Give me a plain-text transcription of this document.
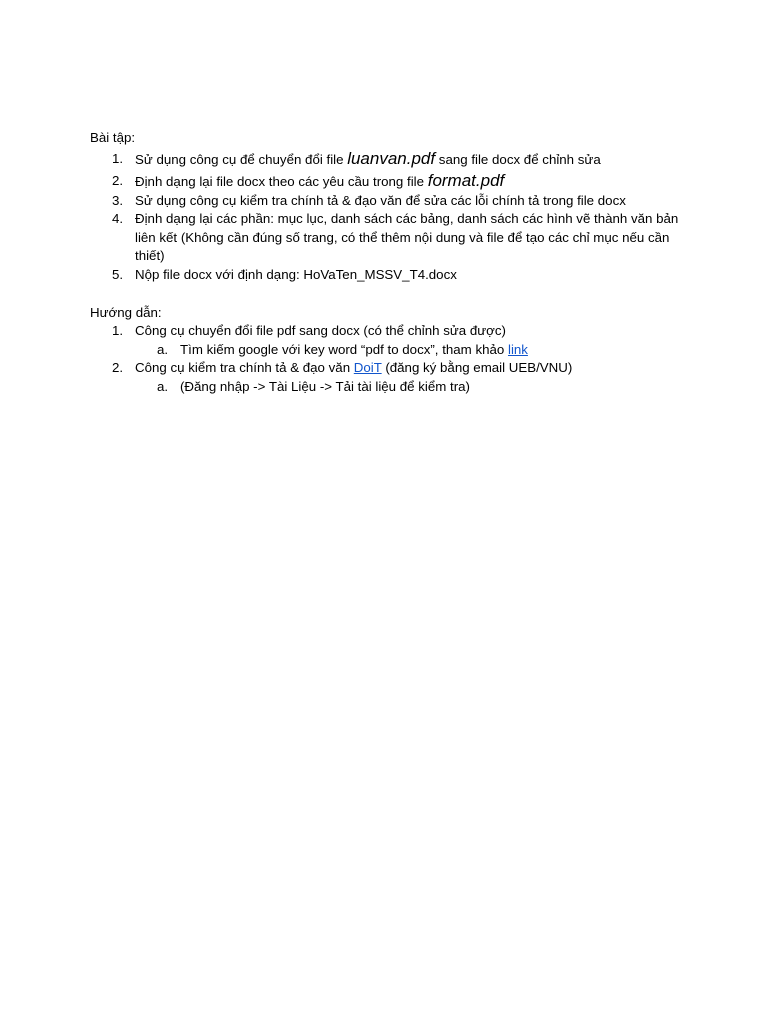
Bài tập:

1. Sử dụng công cụ để chuyển đổi file luanvan.pdf sang file docx để chỉnh sửa
2. Định dạng lại file docx theo các yêu cầu trong file format.pdf
3. Sử dụng công cụ kiểm tra chính tả & đạo văn để sửa các lỗi chính tả trong file docx
4. Định dạng lại các phần: mục lục, danh sách các bảng, danh sách các hình vẽ thành văn bản liên kết (Không cần đúng số trang, có thể thêm nội dung và file để tạo các chỉ mục nếu cần thiết)
5. Nộp file docx với định dạng: HoVaTen_MSSV_T4.docx

Hướng dẫn:

1. Công cụ chuyển đổi file pdf sang docx (có thể chỉnh sửa được)
a. Tìm kiếm google với key word “pdf to docx”, tham khảo link
2. Công cụ kiểm tra chính tả & đạo văn DoiT (đăng ký bằng email UEB/VNU)
a. (Đăng nhập -> Tài Liệu -> Tải tài liệu để kiểm tra)
